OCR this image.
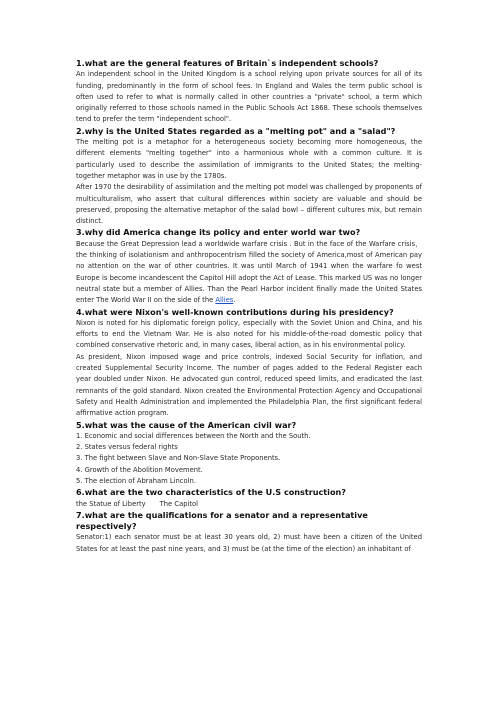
1.what are the general features of Britain`s independent schools?

An independent school in the United Kingdom is a school relying upon private sources for all of its funding, predominantly in the form of school fees. In England and Wales the term public school is often used to refer to what is normally called in other countries a "private" school, a term which originally referred to those schools named in the Public Schools Act 1868. These schools themselves tend to prefer the term "independent school".

2.why is the United States regarded as a "melting pot" and a "salad"?

The melting pot is a metaphor for a heterogeneous society becoming more homogeneous, the different elements "melting together" into a harmonious whole with a common culture. It is particularly used to describe the assimilation of immigrants to the United States; the melting-together metaphor was in use by the 1780s.

After 1970 the desirability of assimilation and the melting pot model was challenged by proponents of multiculturalism, who assert that cultural differences within society are valuable and should be preserved, proposing the alternative metaphor of the salad bowl – different cultures mix, but remain distinct.

3.why did America change its policy and enter world war two?

Because the Great Depression lead a worldwide warfare crisis . But in the face of the Warfare crisis，the thinking of isolationism and anthropocentrism filled the society of America,most of American pay no attention on the war of other countries. It was until March of 1941 when the warfare fo west Europe is become incandescent the Capitol Hill adopt the Act of Lease. This marked US was no longer neutral state but a member of Allies. Than the Pearl Harbor incident finally made the United States enter The World War II on the side of the Allies.

4.what were Nixon's well-known contributions during his presidency?

Nixon is noted for his diplomatic foreign policy, especially with the Soviet Union and China, and his efforts to end the Vietnam War. He is also noted for his middle-of-the-road domestic policy that combined conservative rhetoric and, in many cases, liberal action, as in his environmental policy.

As president, Nixon imposed wage and price controls, indexed Social Security for inflation, and created Supplemental Security Income. The number of pages added to the Federal Register each year doubled under Nixon. He advocated gun control, reduced speed limits, and eradicated the last remnants of the gold standard. Nixon created the Environmental Protection Agency and Occupational Safety and Health Administration and implemented the Philadelphia Plan, the first significant federal affirmative action program.

5.what was the cause of the American civil war?

1. Economic and social differences between the North and the South.

2. States versus federal rights

3. The fight between Slave and Non-Slave State Proponents.

4. Growth of the Abolition Movement.

5. The election of Abraham Lincoln.

6.what are the two characteristics of the U.S construction?

the Statue of Liberty The Capitol

7.what are the qualifications for a senator and a representative respectively?

Senator:1) each senator must be at least 30 years old, 2) must have been a citizen of the United States for at least the past nine years, and 3) must be (at the time of the election) an inhabitant of
